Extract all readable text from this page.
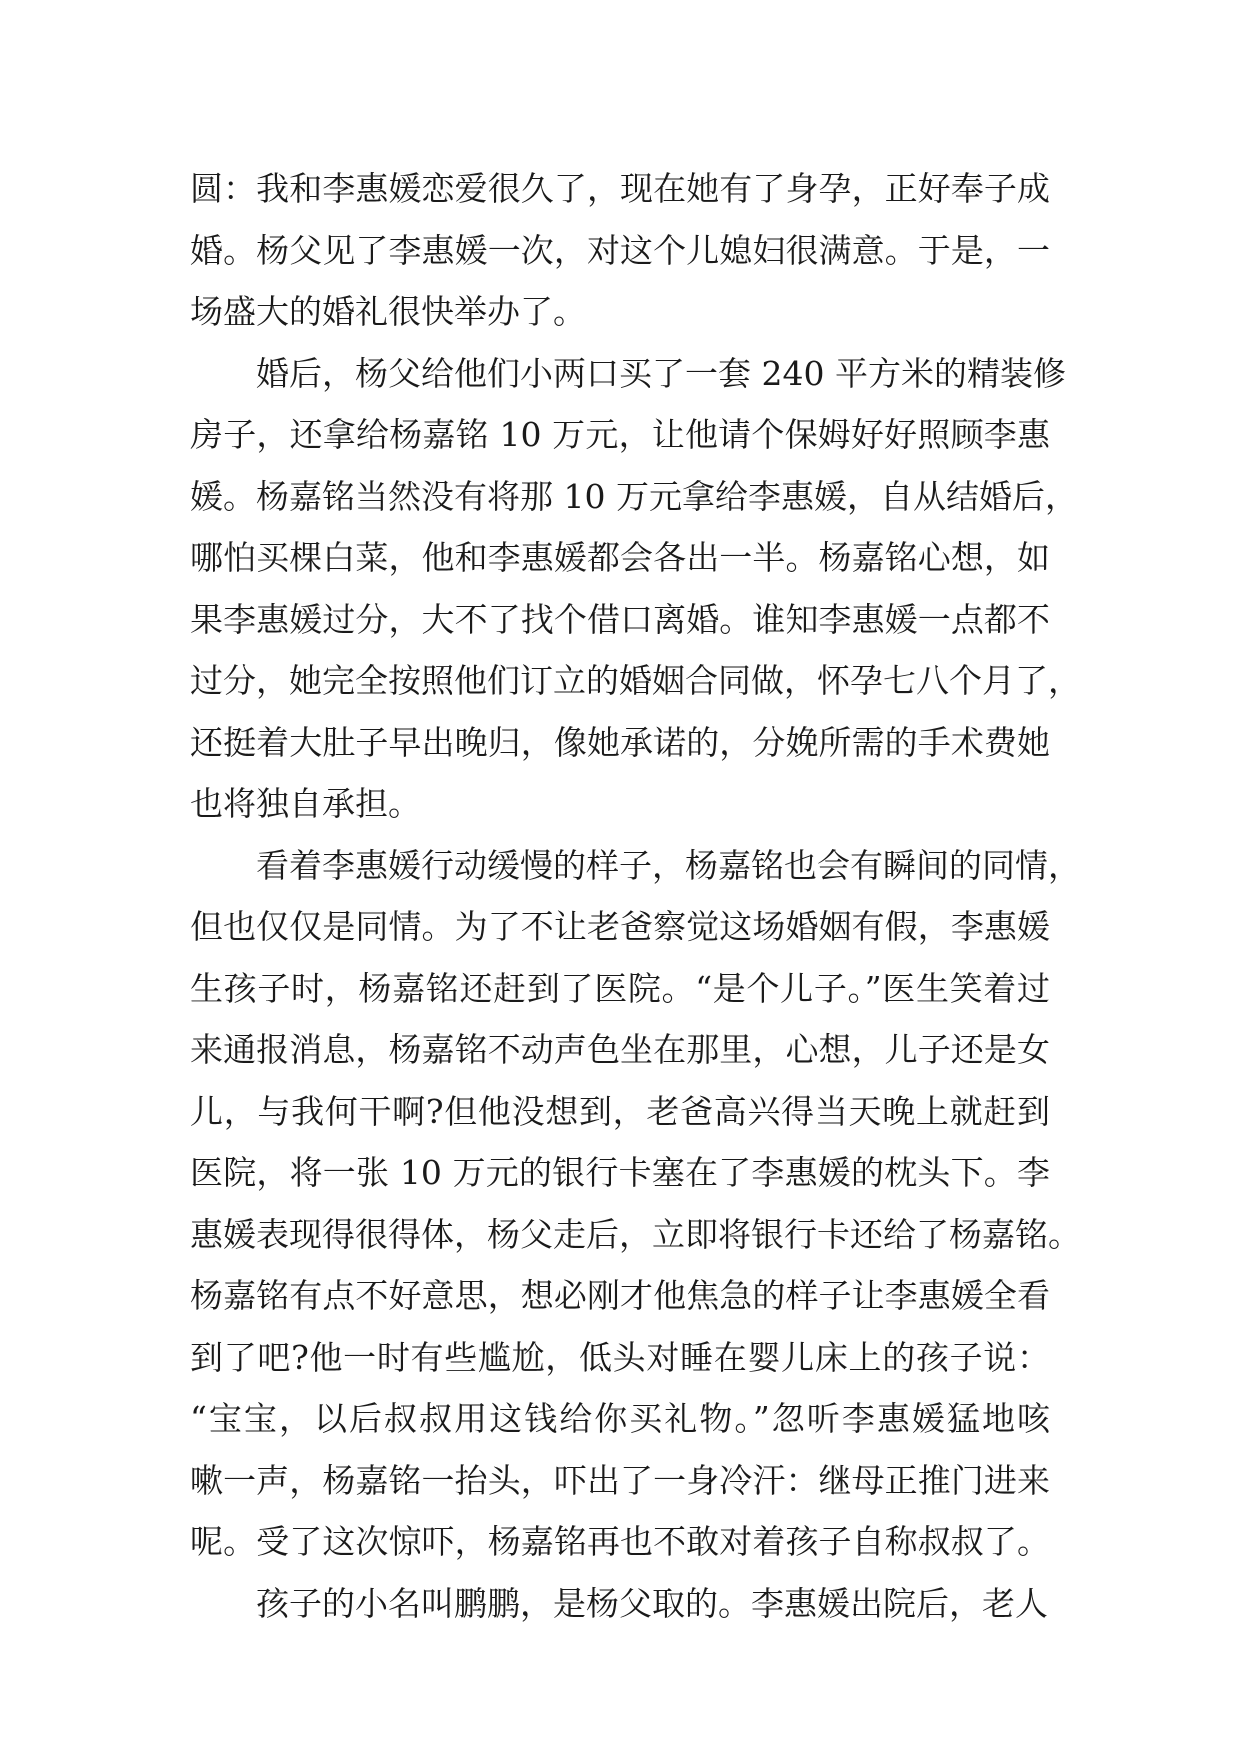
圆：我和李惠媛恋爱很久了，现在她有了身孕，正好奉子成
婚。杨父见了李惠媛一次，对这个儿媳妇很满意。于是，一
场盛大的婚礼很快举办了。
婚后，杨父给他们小两口买了一套 240 平方米的精装修
房子，还拿给杨嘉铭 10 万元，让他请个保姆好好照顾李惠
媛。杨嘉铭当然没有将那 10 万元拿给李惠媛，自从结婚后，
哪怕买棵白菜，他和李惠媛都会各出一半。杨嘉铭心想，如
果李惠媛过分，大不了找个借口离婚。谁知李惠媛一点都不
过分，她完全按照他们订立的婚姻合同做，怀孕七八个月了，
还挺着大肚子早出晚归，像她承诺的，分娩所需的手术费她
也将独自承担。
看着李惠媛行动缓慢的样子，杨嘉铭也会有瞬间的同情，
但也仅仅是同情。为了不让老爸察觉这场婚姻有假，李惠媛
生孩子时，杨嘉铭还赶到了医院。“是个儿子。”医生笑着过
来通报消息，杨嘉铭不动声色坐在那里，心想，儿子还是女
儿，与我何干啊?但他没想到，老爸高兴得当天晚上就赶到
医院，将一张 10 万元的银行卡塞在了李惠媛的枕头下。李
惠媛表现得很得体，杨父走后，立即将银行卡还给了杨嘉铭。
杨嘉铭有点不好意思，想必刚才他焦急的样子让李惠媛全看
到了吧?他一时有些尴尬，低头对睡在婴儿床上的孩子说：
“宝宝，以后叔叔用这钱给你买礼物。”忽听李惠媛猛地咳
嗽一声，杨嘉铭一抬头，吓出了一身冷汗：继母正推门进来
呢。受了这次惊吓，杨嘉铭再也不敢对着孩子自称叔叔了。
孩子的小名叫鹏鹏，是杨父取的。李惠媛出院后，老人
